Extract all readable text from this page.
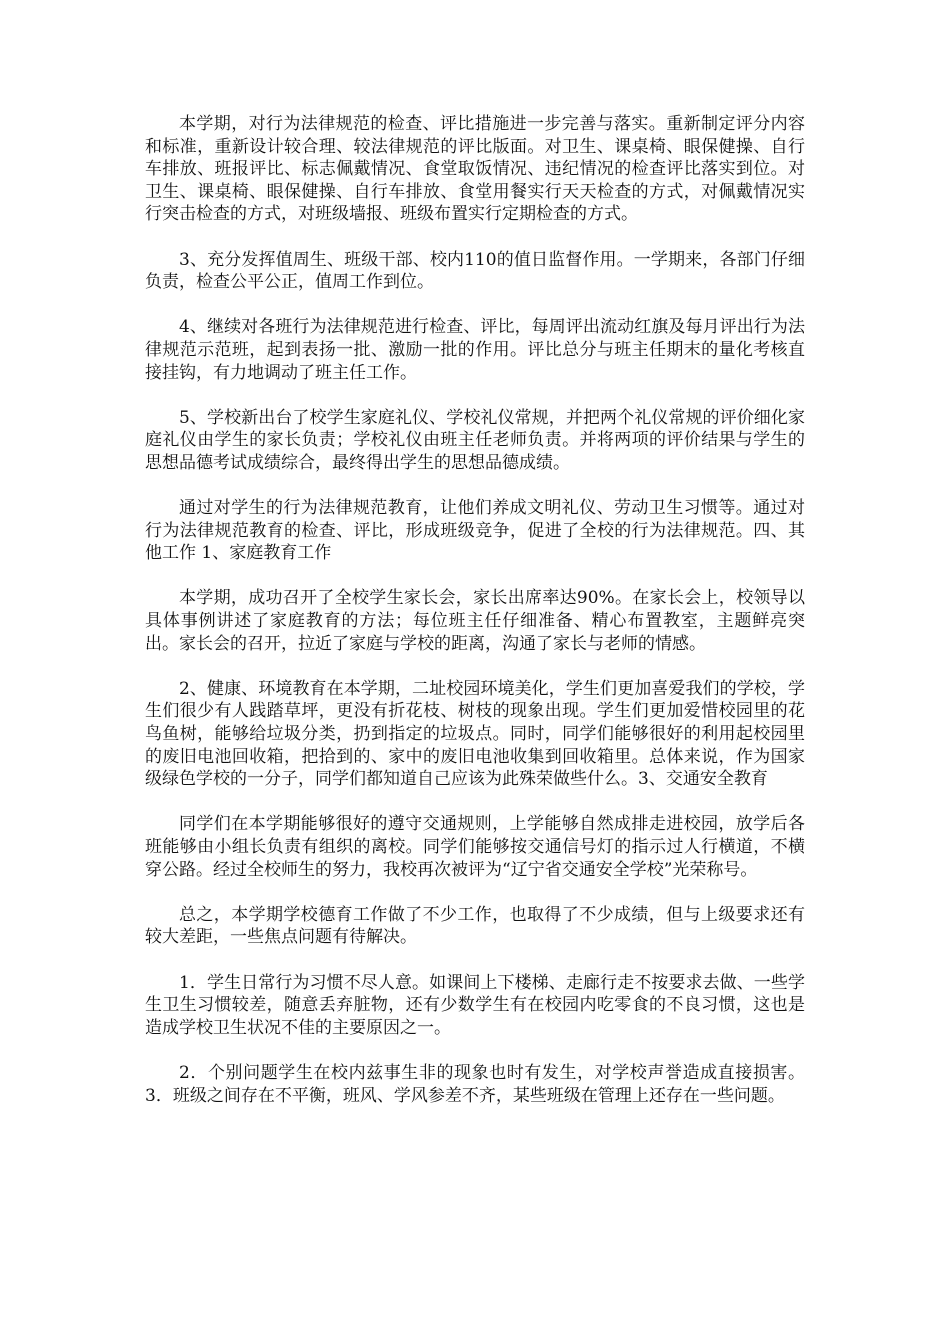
本学期，对行为法律规范的检查、评比措施进一步完善与落实。重新制定评分内容和标准，重新设计较合理、较法律规范的评比版面。对卫生、课桌椅、眼保健操、自行车排放、班报评比、标志佩戴情况、食堂取饭情况、违纪情况的检查评比落实到位。对卫生、课桌椅、眼保健操、自行车排放、食堂用餐实行天天检查的方式，对佩戴情况实行突击检查的方式，对班级墙报、班级布置实行定期检查的方式。

3、充分发挥值周生、班级干部、校内110的值日监督作用。一学期来，各部门仔细负责，检查公平公正，值周工作到位。

4、继续对各班行为法律规范进行检查、评比，每周评出流动红旗及每月评出行为法律规范示范班，起到表扬一批、激励一批的作用。评比总分与班主任期末的量化考核直接挂钩，有力地调动了班主任工作。

5、学校新出台了校学生家庭礼仪、学校礼仪常规，并把两个礼仪常规的评价细化家庭礼仪由学生的家长负责；学校礼仪由班主任老师负责。并将两项的评价结果与学生的思想品德考试成绩综合，最终得出学生的思想品德成绩。

通过对学生的行为法律规范教育，让他们养成文明礼仪、劳动卫生习惯等。通过对行为法律规范教育的检查、评比，形成班级竞争，促进了全校的行为法律规范。四、其他工作 1、家庭教育工作

本学期，成功召开了全校学生家长会，家长出席率达90%。在家长会上，校领导以具体事例讲述了家庭教育的方法；每位班主任仔细准备、精心布置教室，主题鲜亮突出。家长会的召开，拉近了家庭与学校的距离，沟通了家长与老师的情感。

2、健康、环境教育在本学期，二址校园环境美化，学生们更加喜爱我们的学校，学生们很少有人践踏草坪，更没有折花枝、树枝的现象出现。学生们更加爱惜校园里的花鸟鱼树，能够给垃圾分类，扔到指定的垃圾点。同时，同学们能够很好的利用起校园里的废旧电池回收箱，把拾到的、家中的废旧电池收集到回收箱里。总体来说，作为国家级绿色学校的一分子，同学们都知道自己应该为此殊荣做些什么。3、交通安全教育

同学们在本学期能够很好的遵守交通规则，上学能够自然成排走进校园，放学后各班能够由小组长负责有组织的离校。同学们能够按交通信号灯的指示过人行横道，不横穿公路。经过全校师生的努力，我校再次被评为“辽宁省交通安全学校”光荣称号。

总之，本学期学校德育工作做了不少工作，也取得了不少成绩，但与上级要求还有较大差距，一些焦点问题有待解决。

1．学生日常行为习惯不尽人意。如课间上下楼梯、走廊行走不按要求去做、一些学生卫生习惯较差，随意丢弃脏物，还有少数学生有在校园内吃零食的不良习惯，这也是造成学校卫生状况不佳的主要原因之一。

2．个别问题学生在校内兹事生非的现象也时有发生，对学校声誉造成直接损害。3．班级之间存在不平衡，班风、学风参差不齐，某些班级在管理上还存在一些问题。
